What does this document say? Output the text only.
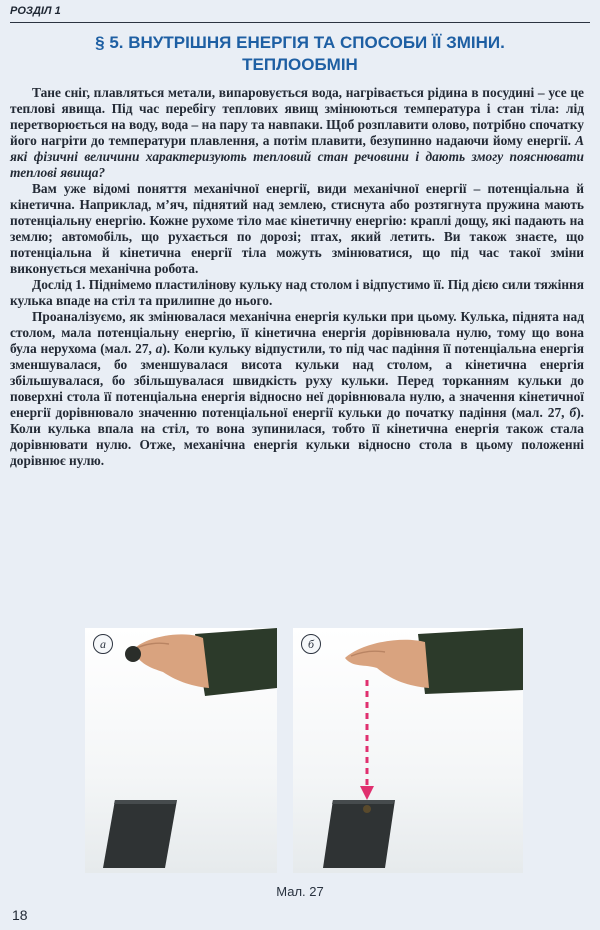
РОЗДІЛ 1
§ 5. ВНУТРІШНЯ ЕНЕРГІЯ ТА СПОСОБИ ЇЇ ЗМІНИ.
ТЕПЛООБМІН

Тане сніг, плавляться метали, випаровується вода, нагрівається рідина в посудині – усе це теплові явища. Під час перебігу теплових явищ змінюються температура і стан тіла: лід перетворюється на воду, вода – на пару та навпаки. Щоб розплавити олово, потрібно спочатку його нагріти до температури плавлення, а потім плавити, безупинно надаючи йому енергії. А які фізичні величини характеризують тепловий стан речовини і дають змогу пояснювати теплові явища?

Вам уже відомі поняття механічної енергії, види механічної енергії – потенціальна й кінетична. Наприклад, м’яч, піднятий над землею, стиснута або розтягнута пружина мають потенціальну енергію. Кожне рухоме тіло має кінетичну енергію: краплі дощу, які падають на землю; автомобіль, що рухається по дорозі; птах, який летить. Ви також знаєте, що потенціальна й кінетична енергії тіла можуть змінюватися, що під час такої зміни виконується механічна робота.

Дослід 1. Піднімемо пластилінову кульку над столом і відпустимо її. Під дією сили тяжіння кулька впаде на стіл та прилипне до нього.

Проаналізуємо, як змінювалася механічна енергія кульки при цьому. Кулька, піднята над столом, мала потенціальну енергію, її кінетична енергія дорівнювала нулю, тому що вона була нерухома (мал. 27, а). Коли кульку відпустили, то під час падіння її потенціальна енергія зменшувалася, бо зменшувалася висота кульки над столом, а кінетична енергія збільшувалася, бо збільшувалася швидкість руху кульки. Перед торканням кульки до поверхні стола її потенціальна енергія відносно неї дорівнювала нулю, а значення кінетичної енергії дорівнювало значенню потенціальної енергії кульки до початку падіння (мал. 27, б). Коли кулька впала на стіл, то вона зупинилася, тобто її кінетична енергія також стала дорівнювати нулю. Отже, механічна енергія кульки відносно стола в цьому положенні дорівнює нулю.

а	б
Мал. 27
18
